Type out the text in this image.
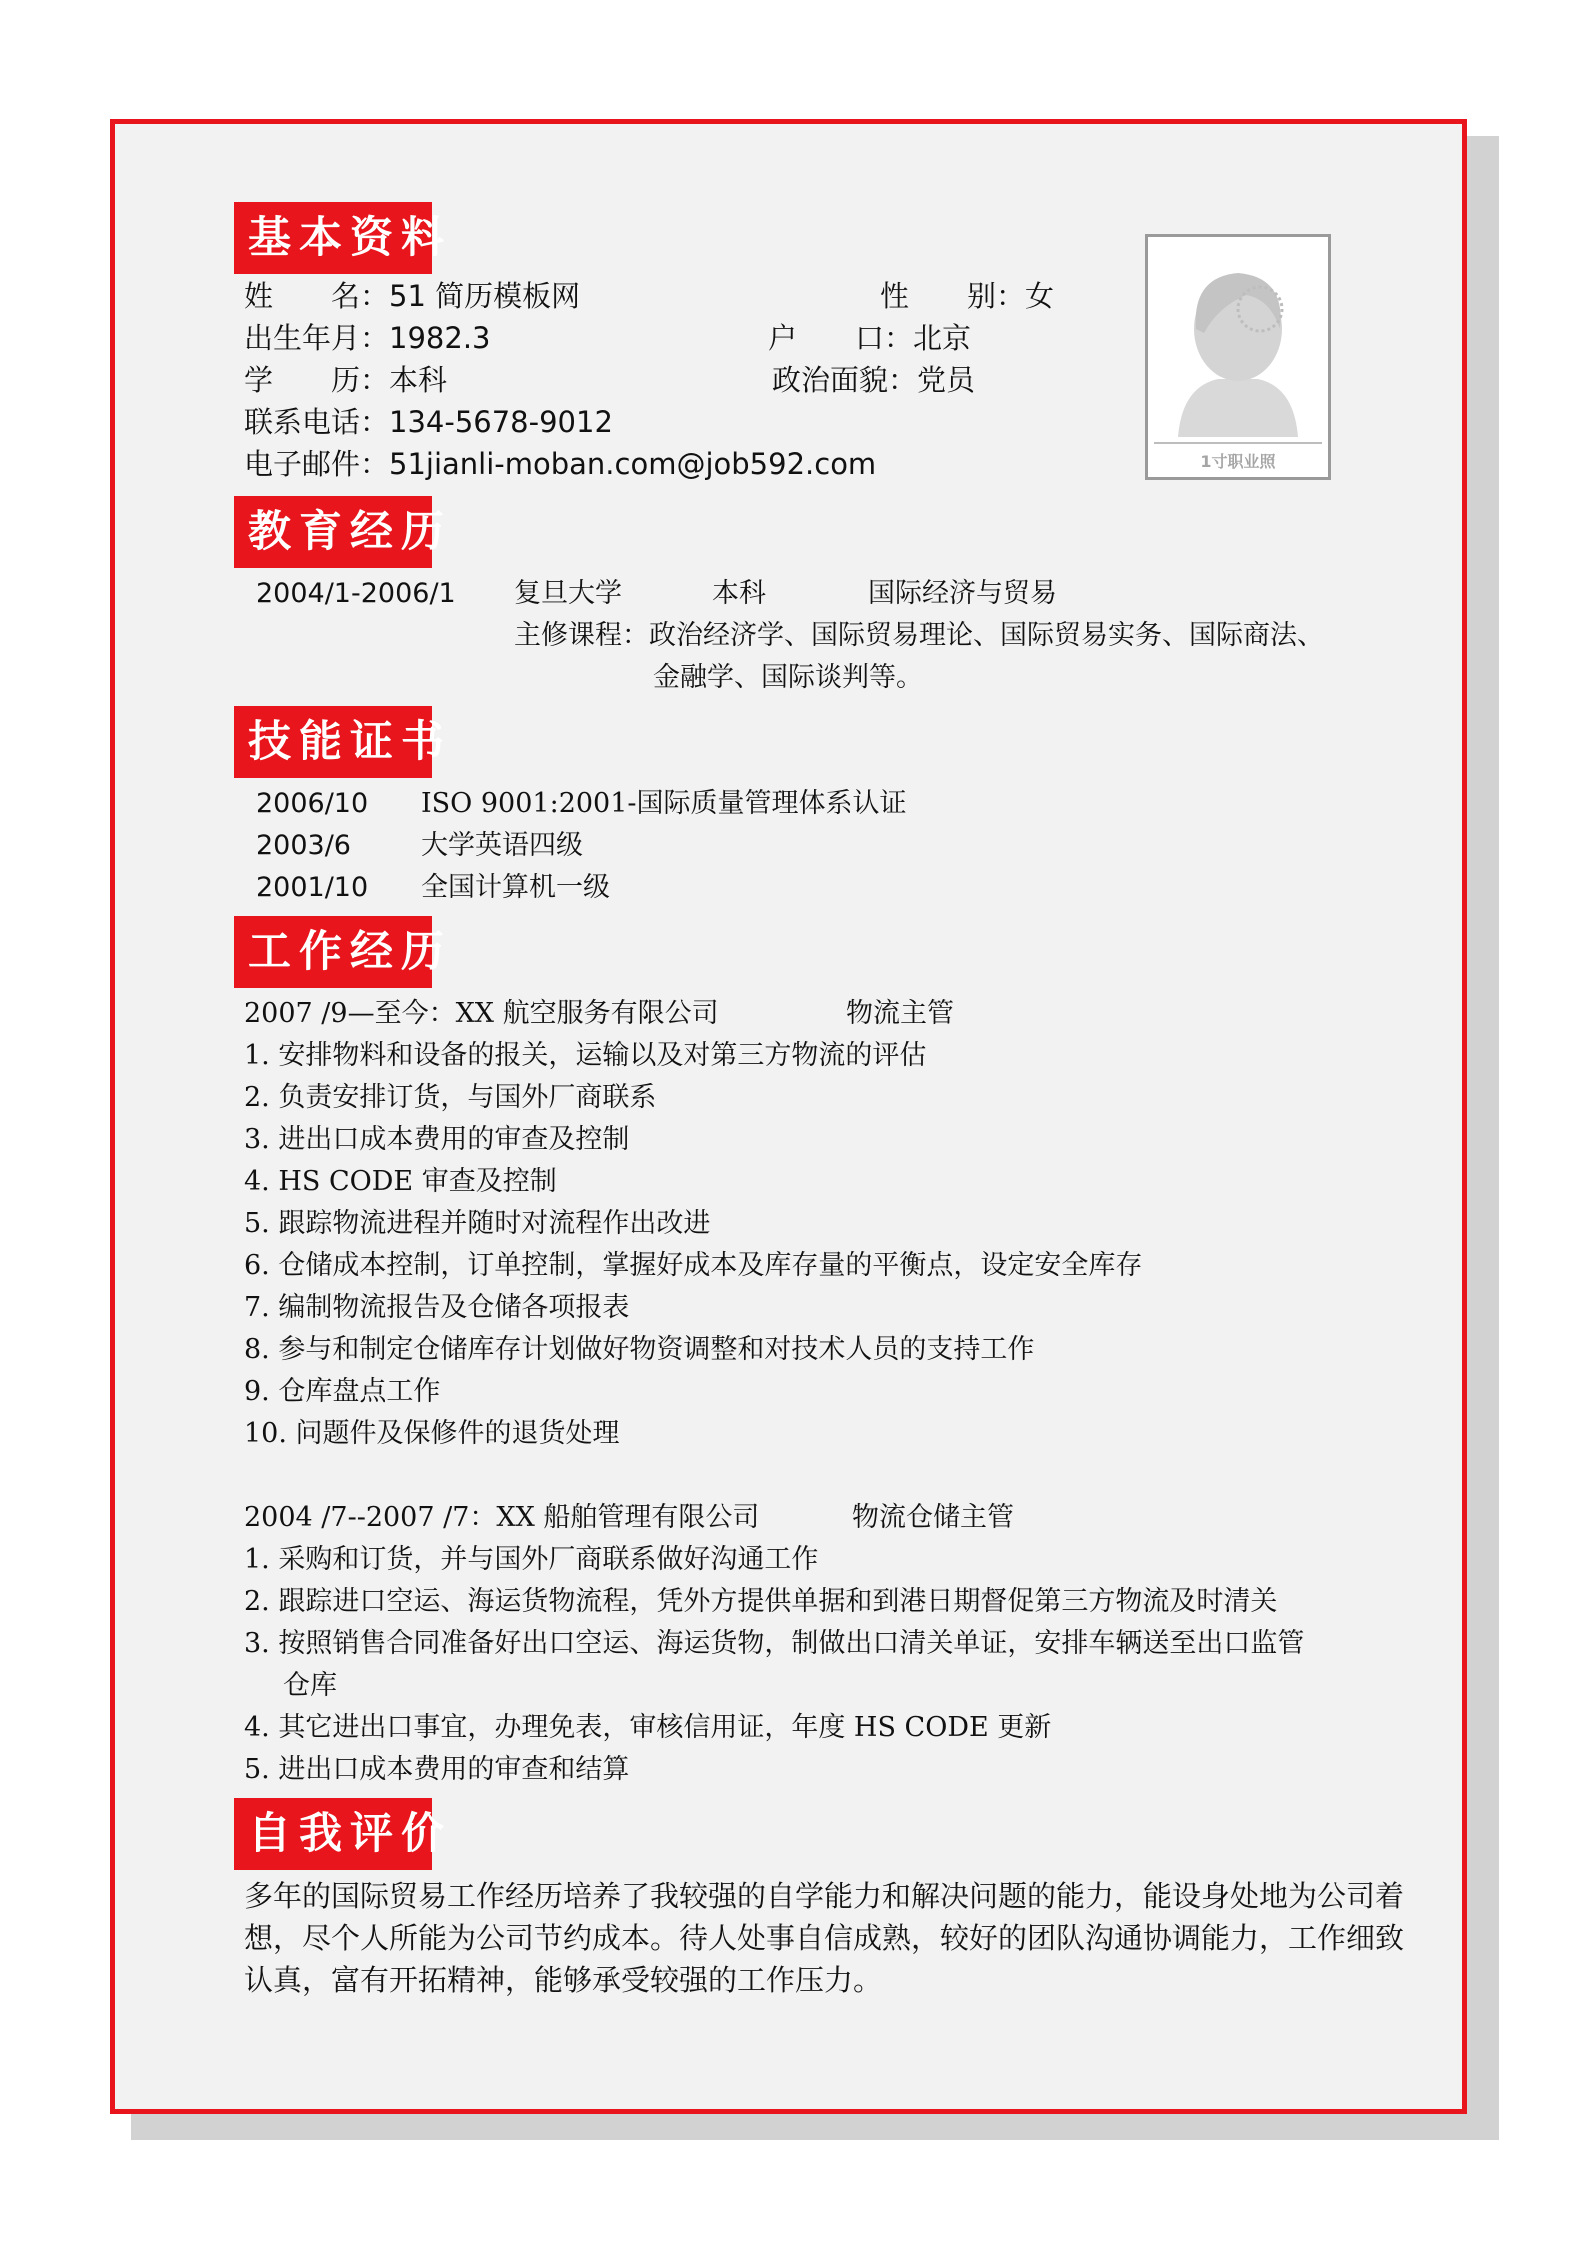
基本资料
姓　　名：51 简历模板网	性　　别：女
出生年月：1982.3	户　　口：北京
学　　历：本科	政治面貌：党员
联系电话：134-5678-9012
电子邮件：51jianli-moban.com@job592.com	1寸职业照
教育经历
2004/1-2006/1 复旦大学	本科	国际经济与贸易
主修课程：政治经济学、国际贸易理论、国际贸易实务、国际商法、
金融学、国际谈判等。
技能证书
2006/10 ISO 9001:2001-国际质量管理体系认证
2003/6	大学英语四级
2001/10 全国计算机一级
工作经历
2007 /9—至今：XX 航空服务有限公司	物流主管
1. 安排物料和设备的报关，运输以及对第三方物流的评估
2. 负责安排订货，与国外厂商联系
3. 进出口成本费用的审查及控制
4. HS CODE 审查及控制
5. 跟踪物流进程并随时对流程作出改进
6. 仓储成本控制，订单控制，掌握好成本及库存量的平衡点，设定安全库存
7. 编制物流报告及仓储各项报表
8. 参与和制定仓储库存计划做好物资调整和对技术人员的支持工作
9. 仓库盘点工作
10. 问题件及保修件的退货处理
2004 /7--2007 /7：XX 船舶管理有限公司	物流仓储主管
1. 采购和订货，并与国外厂商联系做好沟通工作
2. 跟踪进口空运、海运货物流程，凭外方提供单据和到港日期督促第三方物流及时清关
3. 按照销售合同准备好出口空运、海运货物，制做出口清关单证，安排车辆送至出口监管
仓库
4. 其它进出口事宜，办理免表，审核信用证，年度 HS CODE 更新
5. 进出口成本费用的审查和结算
自我评价
多年的国际贸易工作经历培养了我较强的自学能力和解决问题的能力，能设身处地为公司着
想，尽个人所能为公司节约成本。待人处事自信成熟，较好的团队沟通协调能力，工作细致
认真，富有开拓精神，能够承受较强的工作压力。
